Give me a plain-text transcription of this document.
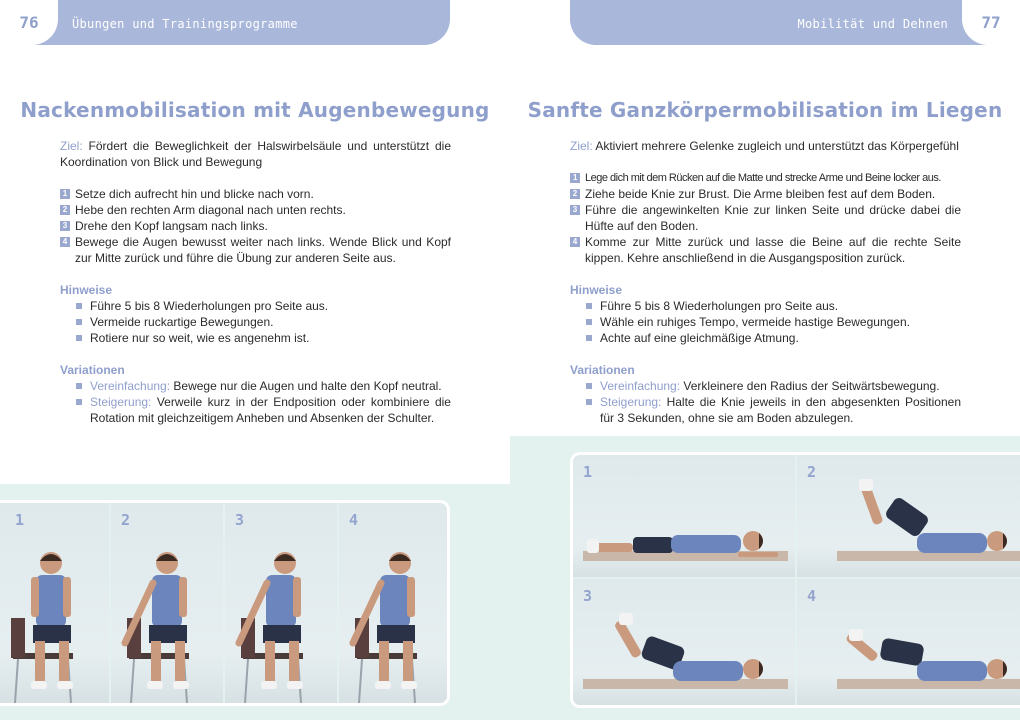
Übungen und Trainingsprogramme
76
Nackenmobilisation mit Augenbewegung

Ziel: Fördert die Beweglichkeit der Halswirbelsäule und unterstützt die Koordination von Blick und Bewegung

1 Setze dich aufrecht hin und blicke nach vorn.
2 Hebe den rechten Arm diagonal nach unten rechts.
3 Drehe den Kopf langsam nach links.
4 Bewege die Augen bewusst weiter nach links. Wende Blick und Kopf zur Mitte zurück und führe die Übung zur anderen Seite aus.
Hinweise
Führe 5 bis 8 Wiederholungen pro Seite aus.
Vermeide ruckartige Bewegungen.
Rotiere nur so weit, wie es angenehm ist.
Variationen
Vereinfachung: Bewege nur die Augen und halte den Kopf neutral.
Steigerung: Verweile kurz in der Endposition oder kombiniere die Rotation mit gleichzeitigem Anheben und Absenken der Schulter.
1	2	3	4
Mobilität und Dehnen	77
Sanfte Ganzkörpermobilisation im Liegen

Ziel: Aktiviert mehrere Gelenke zugleich und unterstützt das Körpergefühl

1 Lege dich mit dem Rücken auf die Matte und strecke Arme und Beine locker aus.
2 Ziehe beide Knie zur Brust. Die Arme bleiben fest auf dem Boden.
3 Führe die angewinkelten Knie zur linken Seite und drücke dabei die Hüfte auf den Boden.
4 Komme zur Mitte zurück und lasse die Beine auf die rechte Seite kippen. Kehre anschließend in die Ausgangsposition zurück.
Hinweise
Führe 5 bis 8 Wiederholungen pro Seite aus.
Wähle ein ruhiges Tempo, vermeide hastige Bewegungen.
Achte auf eine gleichmäßige Atmung.
Variationen
Vereinfachung: Verkleinere den Radius der Seitwärtsbewegung.
Steigerung: Halte die Knie jeweils in den abgesenkten Positionen für 3 Sekunden, ohne sie am Boden abzulegen.
1	2
3	4
